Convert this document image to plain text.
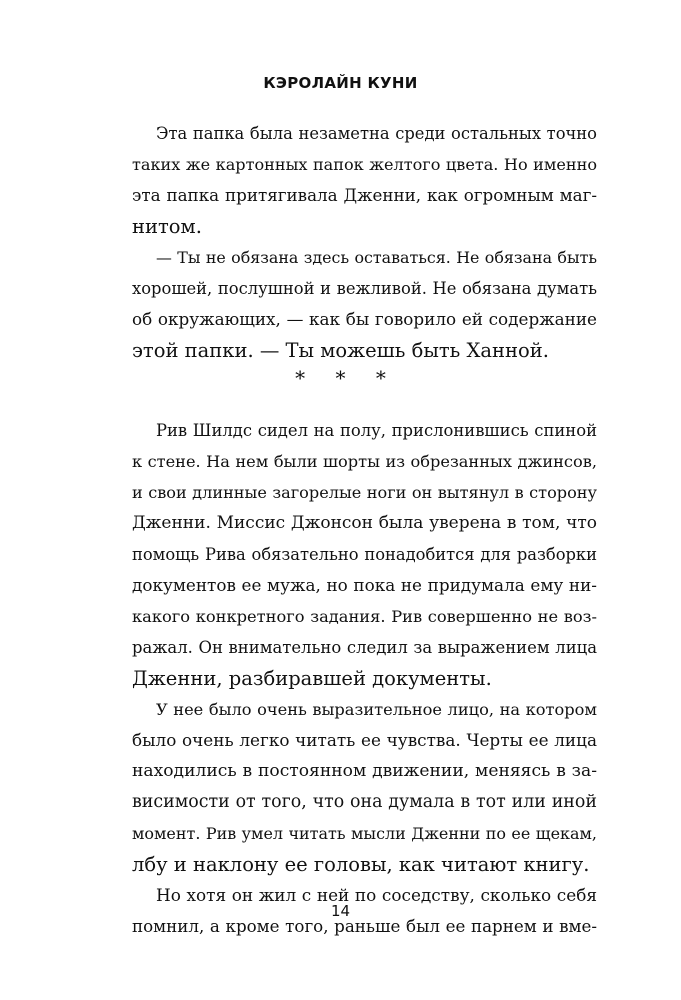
КЭРОЛАЙН КУНИ
Эта папка была незаметна среди остальных точно
таких же картонных папок желтого цвета. Но именно
эта папка притягивала Дженни, как огромным маг-
нитом.
— Ты не обязана здесь оставаться. Не обязана быть
хорошей, послушной и вежливой. Не обязана думать
об окружающих, — как бы говорило ей содержание
этой папки. — Ты можешь быть Ханной.
* * *
Рив Шилдс сидел на полу, прислонившись спиной
к стене. На нем были шорты из обрезанных джинсов,
и свои длинные загорелые ноги он вытянул в сторону
Дженни. Миссис Джонсон была уверена в том, что
помощь Рива обязательно понадобится для разборки
документов ее мужа, но пока не придумала ему ни-
какого конкретного задания. Рив совершенно не воз-
ражал. Он внимательно следил за выражением лица
Дженни, разбиравшей документы.
У нее было очень выразительное лицо, на котором
было очень легко читать ее чувства. Черты ее лица
находились в постоянном движении, меняясь в за-
висимости от того, что она думала в тот или иной
момент. Рив умел читать мысли Дженни по ее щекам,
лбу и наклону ее головы, как читают книгу.
Но хотя он жил с ней по соседству, сколько себя
помнил, а кроме того, раньше был ее парнем и вме-
14
